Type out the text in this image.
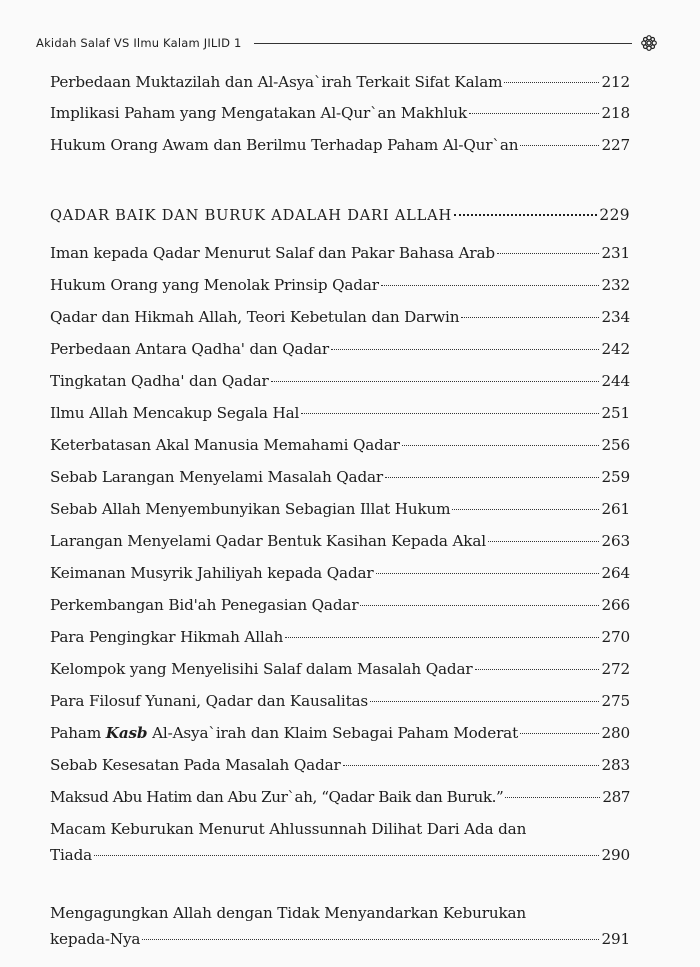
Akidah Salaf VS Ilmu Kalam JILID 1
Perbedaan Muktazilah dan Al-Asya`irah Terkait Sifat Kalam	212
Implikasi Paham yang Mengatakan Al-Qur`an Makhluk	218
Hukum Orang Awam dan Berilmu Terhadap Paham Al-Qur`an	227
QADAR BAIK DAN BURUK ADALAH DARI ALLAH	229
Iman kepada Qadar Menurut Salaf dan Pakar Bahasa Arab	231
Hukum Orang yang Menolak Prinsip Qadar	232
Qadar dan Hikmah Allah, Teori Kebetulan dan Darwin	234
Perbedaan Antara Qadha' dan Qadar	242
Tingkatan Qadha' dan Qadar	244
Ilmu Allah Mencakup Segala Hal	251
Keterbatasan Akal Manusia Memahami Qadar	256
Sebab Larangan Menyelami Masalah Qadar	259
Sebab Allah Menyembunyikan Sebagian Illat Hukum	261
Larangan Menyelami Qadar Bentuk Kasihan Kepada Akal	263
Keimanan Musyrik Jahiliyah kepada Qadar	264
Perkembangan Bid'ah Penegasian Qadar	266
Para Pengingkar Hikmah Allah	270
Kelompok yang Menyelisihi Salaf dalam Masalah Qadar	272
Para Filosuf Yunani, Qadar dan Kausalitas	275
Paham Kasb Al-Asya`irah dan Klaim Sebagai Paham Moderat	280
Sebab Kesesatan Pada Masalah Qadar	283
Maksud Abu Hatim dan Abu Zur`ah, “Qadar Baik dan Buruk.”	287
Macam Keburukan Menurut Ahlussunnah Dilihat Dari Ada dan
Tiada	290
Mengagungkan Allah dengan Tidak Menyandarkan Keburukan
kepada-Nya	291
